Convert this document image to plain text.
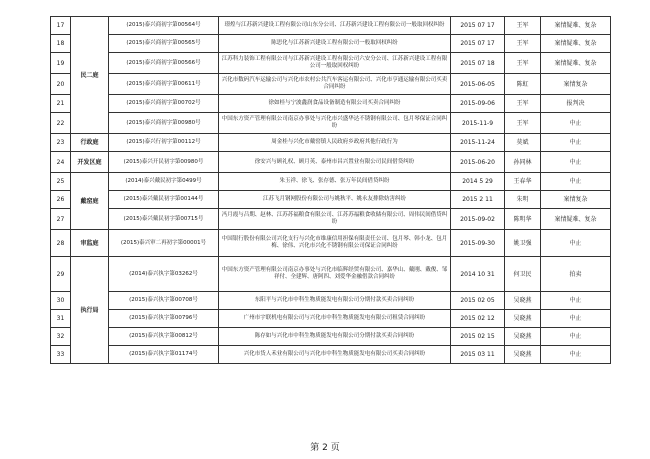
17	民二庭	(2015)泰兴商初字第00564号	璟煌与江苏新兴建设工程有限公司山东分公司、江苏新兴建设工程有限公司一般取回权纠纷	2015 07 17	王军	案情疑难、复杂
18		(2015)泰兴商初字第00565号	陈思化与江苏新兴建设工程有限公司一般取回权纠纷	2015 07 17	王军	案情疑难、复杂
19		(2015)泰兴商初字第00566号	江苏科力装饰工程有限公司与江苏新兴建设工程有限公司六安分公司、江苏新兴建设工程有限公司一般取回权纠纷	2015 07 18	王军	案情疑难、复杂
20		(2015)泰兴商初字第00611号	兴化市数码汽车运输公司与兴化市农村公共汽车客运有限公司、兴化市亨通运输有限公司买卖合同纠纷	2015-06-05	陈虹	案情复杂
21		(2015)泰兴商初字第00702号	徐如桂与宁波鑫润食品设备制造有限公司买卖合同纠纷	2015-09-06	王军	报判决
22		(2015)泰兴商初字第00980号	中国东方资产管理有限公司南京办事处与兴化市兴盛华达不锈钢有限公司、包月琴保证合同纠纷	2015-11-9	王军	中止
23	行政庭	(2015)泰兴行初字第00112号	周金桂与兴化市戴窑镇人民政府乡政府其他行政行为	2015-11-24	莫斌	中止
24	开发区庭	(2015)泰兴开民初字第00980号	徐安兴与顾礼权、顾月英、泰州市昌兴置业有限公司民间借贷纠纷	2015-06-20	孙同林	中止
25	戴窑庭	(2014)泰兴戴民初字第0499号	朱玉祥、徐飞、张存德、张万年民间借贷纠纷	2014 5 29	王春华	中止
26		(2015)泰兴戴民初字第00144号	江苏飞月钢网股份有限公司与姚秋平、姚永友排除妨害纠纷	2015 2 11	朱明	案情复杂
27		(2015)泰兴戴民初字第00715号	冯月霞与吕期、赵林、江苏苏福粮食有限公司、江苏苏福粮食收储有限公司、周伟民间借贷纠纷	2015-09-02	陈明华	案情疑难、复杂
28	审监庭	(2015)泰兴审二再初字第00001号	中国银行股份有限公司兴化支行与兴化市维康信用担保有限责任公司、包月琴、韩小龙、包月梅、徐伟、兴化市兴化不锈钢有限公司保证合同纠纷	2015-09-30	姚卫强	中止
29	执行局	(2014)泰兴执字第03262号	中国东方资产管理有限公司南京办事处与兴化市临辉经贸有限公司、嘉华山、戴刚、戴俊、邹祥付、全建辉、唐阿四、刘爱华金融借款合同纠纷	2014 10 31	何卫民	拍卖
30		(2015)泰兴执字第00708号	东阳平与兴化市中科生物质能发电有限公司分期付款买卖合同纠纷	2015 02 05	吴晓燕	中止
31		(2015)泰兴执字第00796号	广州市宇联机电有限公司与兴化市中科生物质能发电有限公司租赁合同纠纷	2015 02 12	吴晓燕	中止
32		(2015)泰兴执字第00812号	陈存如与兴化市中科生物质能发电有限公司分期付款买卖合同纠纷	2015 02 15	吴晓燕	中止
33		(2015)泰兴执字第01174号	兴化市货人禾业有限公司与兴化市中科生物质能发电有限公司买卖合同纠纷	2015 03 11	吴晓燕	中止
第 2 页
